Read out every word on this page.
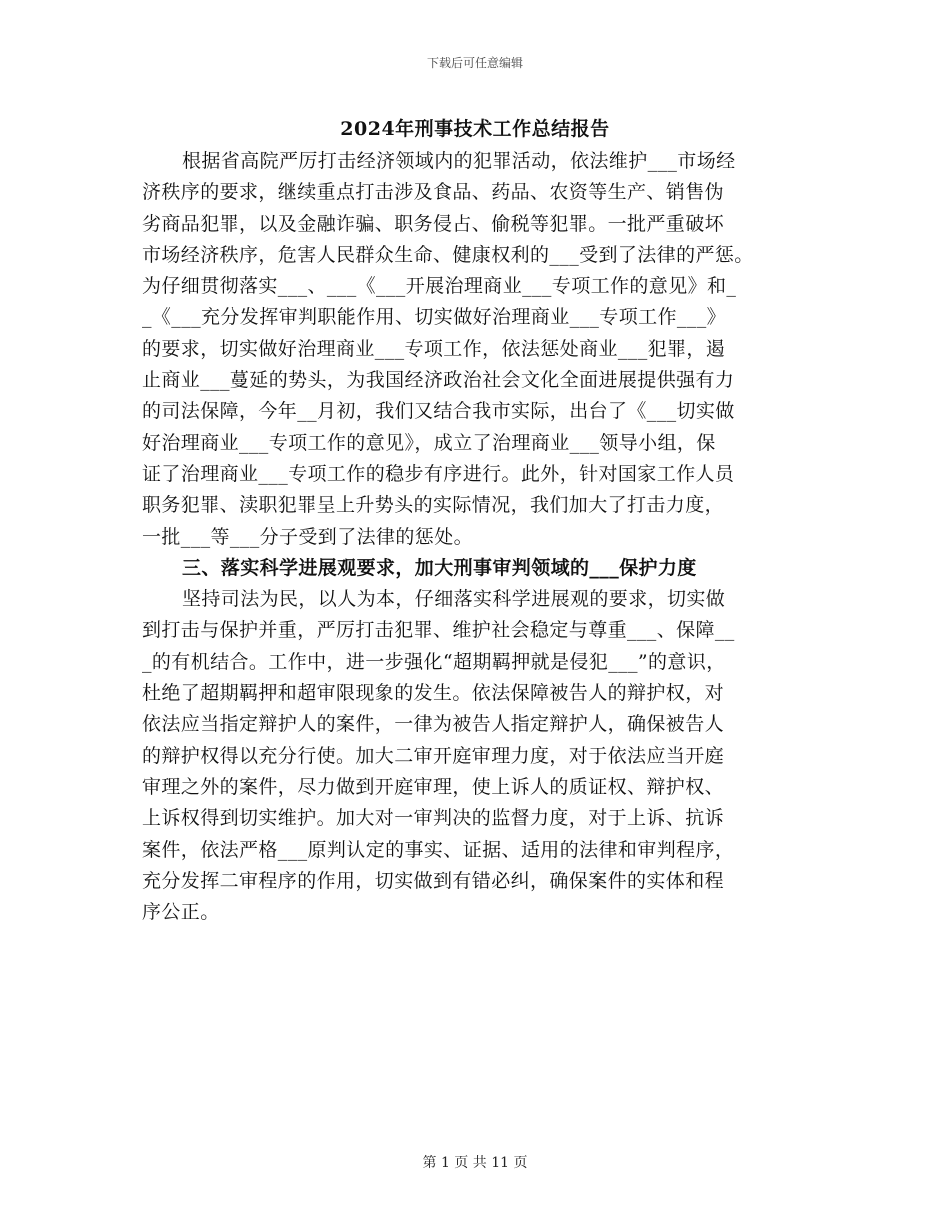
下载后可任意编辑
2024年刑事技术工作总结报告
根据省高院严厉打击经济领域内的犯罪活动，依法维护___市场经
济秩序的要求，继续重点打击涉及食品、药品、农资等生产、销售伪
劣商品犯罪，以及金融诈骗、职务侵占、偷税等犯罪。一批严重破坏
市场经济秩序，危害人民群众生命、健康权利的___受到了法律的严惩。
为仔细贯彻落实___、___《___开展治理商业___专项工作的意见》和_
_《___充分发挥审判职能作用、切实做好治理商业___专项工作___》
的要求，切实做好治理商业___专项工作，依法惩处商业___犯罪，遏
止商业___蔓延的势头，为我国经济政治社会文化全面进展提供强有力
的司法保障，今年__月初，我们又结合我市实际，出台了《___切实做
好治理商业___专项工作的意见》，成立了治理商业___领导小组，保
证了治理商业___专项工作的稳步有序进行。此外，针对国家工作人员
职务犯罪、渎职犯罪呈上升势头的实际情况，我们加大了打击力度，
一批___等___分子受到了法律的惩处。
三、落实科学进展观要求，加大刑事审判领域的___保护力度
坚持司法为民，以人为本，仔细落实科学进展观的要求，切实做
到打击与保护并重，严厉打击犯罪、维护社会稳定与尊重___、保障__
_的有机结合。工作中，进一步强化“超期羁押就是侵犯___”的意识，
杜绝了超期羁押和超审限现象的发生。依法保障被告人的辩护权，对
依法应当指定辩护人的案件，一律为被告人指定辩护人，确保被告人
的辩护权得以充分行使。加大二审开庭审理力度，对于依法应当开庭
审理之外的案件，尽力做到开庭审理，使上诉人的质证权、辩护权、
上诉权得到切实维护。加大对一审判决的监督力度，对于上诉、抗诉
案件，依法严格___原判认定的事实、证据、适用的法律和审判程序，
充分发挥二审程序的作用，切实做到有错必纠，确保案件的实体和程
序公正。
第 1 页 共 11 页
